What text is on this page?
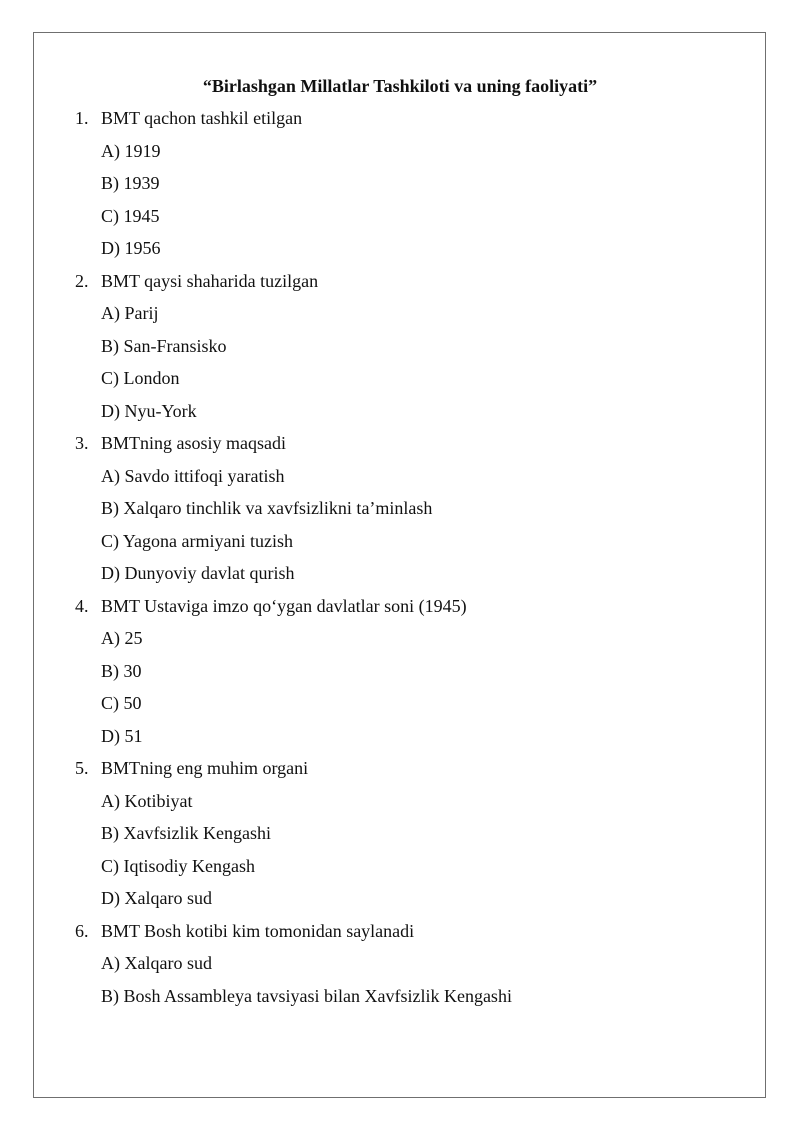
“Birlashgan Millatlar Tashkiloti va uning faoliyati”
1. BMT qachon tashkil etilgan
A) 1919
B) 1939
C) 1945
D) 1956
2. BMT qaysi shaharida tuzilgan
A) Parij
B) San-Fransisko
C) London
D) Nyu-York
3. BMTning asosiy maqsadi
A) Savdo ittifoqi yaratish
B) Xalqaro tinchlik va xavfsizlikni ta’minlash
C) Yagona armiyani tuzish
D) Dunyoviy davlat qurish
4. BMT Ustaviga imzo qo‘ygan davlatlar soni (1945)
A) 25
B) 30
C) 50
D) 51
5. BMTning eng muhim organi
A) Kotibiyat
B) Xavfsizlik Kengashi
C) Iqtisodiy Kengash
D) Xalqaro sud
6. BMT Bosh kotibi kim tomonidan saylanadi
A) Xalqaro sud
B) Bosh Assambleya tavsiyasi bilan Xavfsizlik Kengashi
